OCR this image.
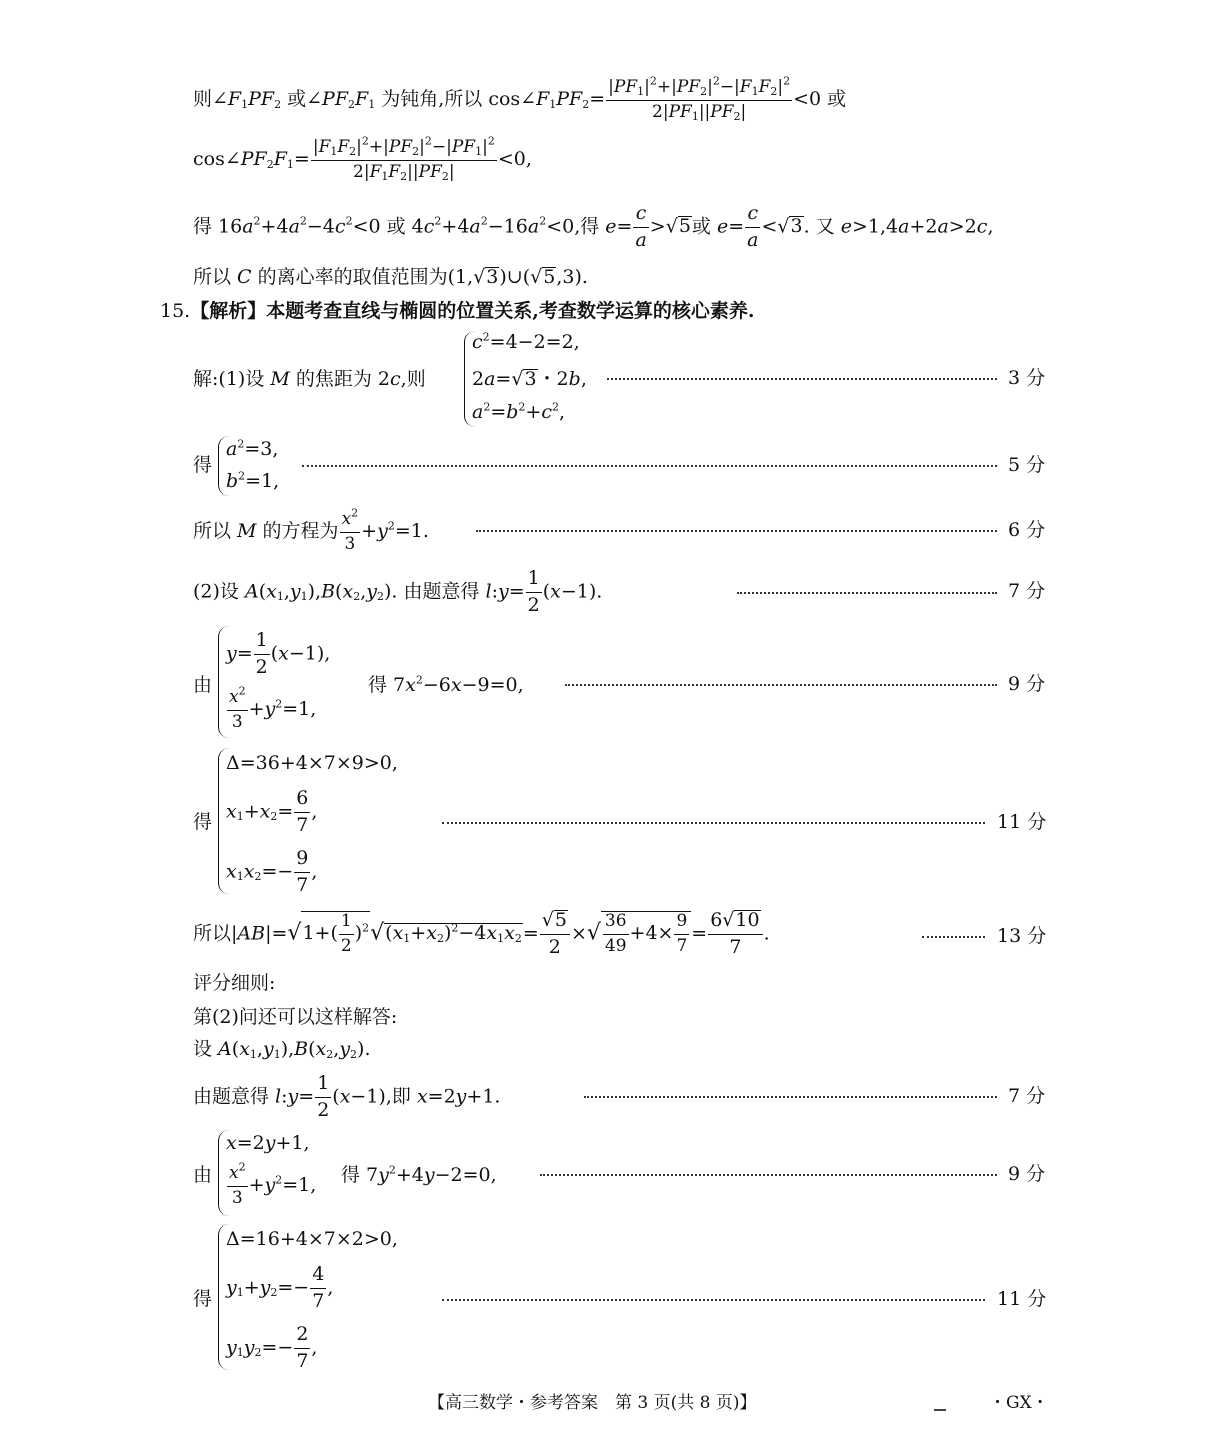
则$\angle F_1PF_2$ 或$\angle PF_2F_1$ 为钝角,所以 $\cos\angle F_1PF_2= \frac{|PF_1|^2+|PF_2|^2-|F_1F_2|^2}{2|PF_1||PF_2|} <0$ 或
$\cos\angle PF_2F_1= \frac{|F_1F_2|^2+|PF_2|^2-|PF_1|^2}{2|F_1F_2||PF_2|} <0$,
得 $16a^2+4a^2-4c^2<0$ 或 $4c^2+4a^2-16a^2<0$,得 $e= \frac{c}{a} >√5$或 $e= \frac{c}{a} <√3$. 又 e>1,4a+2a>2c,
所以 C 的离心率的取值范围为(1,√3)∪(√5,3).
15.【解析】本题考查直线与椭圆的位置关系,考查数学运算的核心素养.
解:(1)设 M 的焦距为 2c,则
$c^2=4-2=2$,
2a=√3・2b,
$a^2=b^2+c^2$,
3 分
得
$a^2=3$,
$b^2=1$,
5 分
所以 M 的方程为 $\frac{x^2}{3} +y^2=1$.	6 分
(2)设 $A(x_1,y_1),B(x_2,y_2)$. 由题意得 l:y= $\frac{1}{2} (x-1)$.	7 分
由
$y= \frac{1}{2} (x-1)$,
$\frac{x^2}{3} +y^2=1$,
得 $7x^2-6x-9=0$,	9 分
得
Δ=36+4×7×9>0,
$x_1+x_2= \frac{6}{7}$ ,
$x_1x_2=- \frac{9}{7}$ ,
11 分
所以$|AB|=√1+( \frac{1}{2} )^2√(x_1+x_2)^2-4x_1x_2= \frac{√5}{2}$ ×√ $\frac{36}{49} +4\times \frac{9}{7} = \frac{6√10}{7}$ .	13 分
评分细则:
第(2)问还可以这样解答:
设 $A(x_1,y_1),B(x_2,y_2)$.
由题意得 l:y= $\frac{1}{2} (x-1)$,即 x=2y+1.	7 分
由
x=2y+1,
$\frac{x^2}{3} +y^2=1$, 得 $7y^2+4y-2=0$,	9 分
得
Δ=16+4×7×2>0,
$y_1+y_2=- \frac{4}{7}$ ,
$y_1y_2=- \frac{2}{7}$ ,
11 分
【高三数学・参考答案　第 3 页(共 8 页)】	・GX・
